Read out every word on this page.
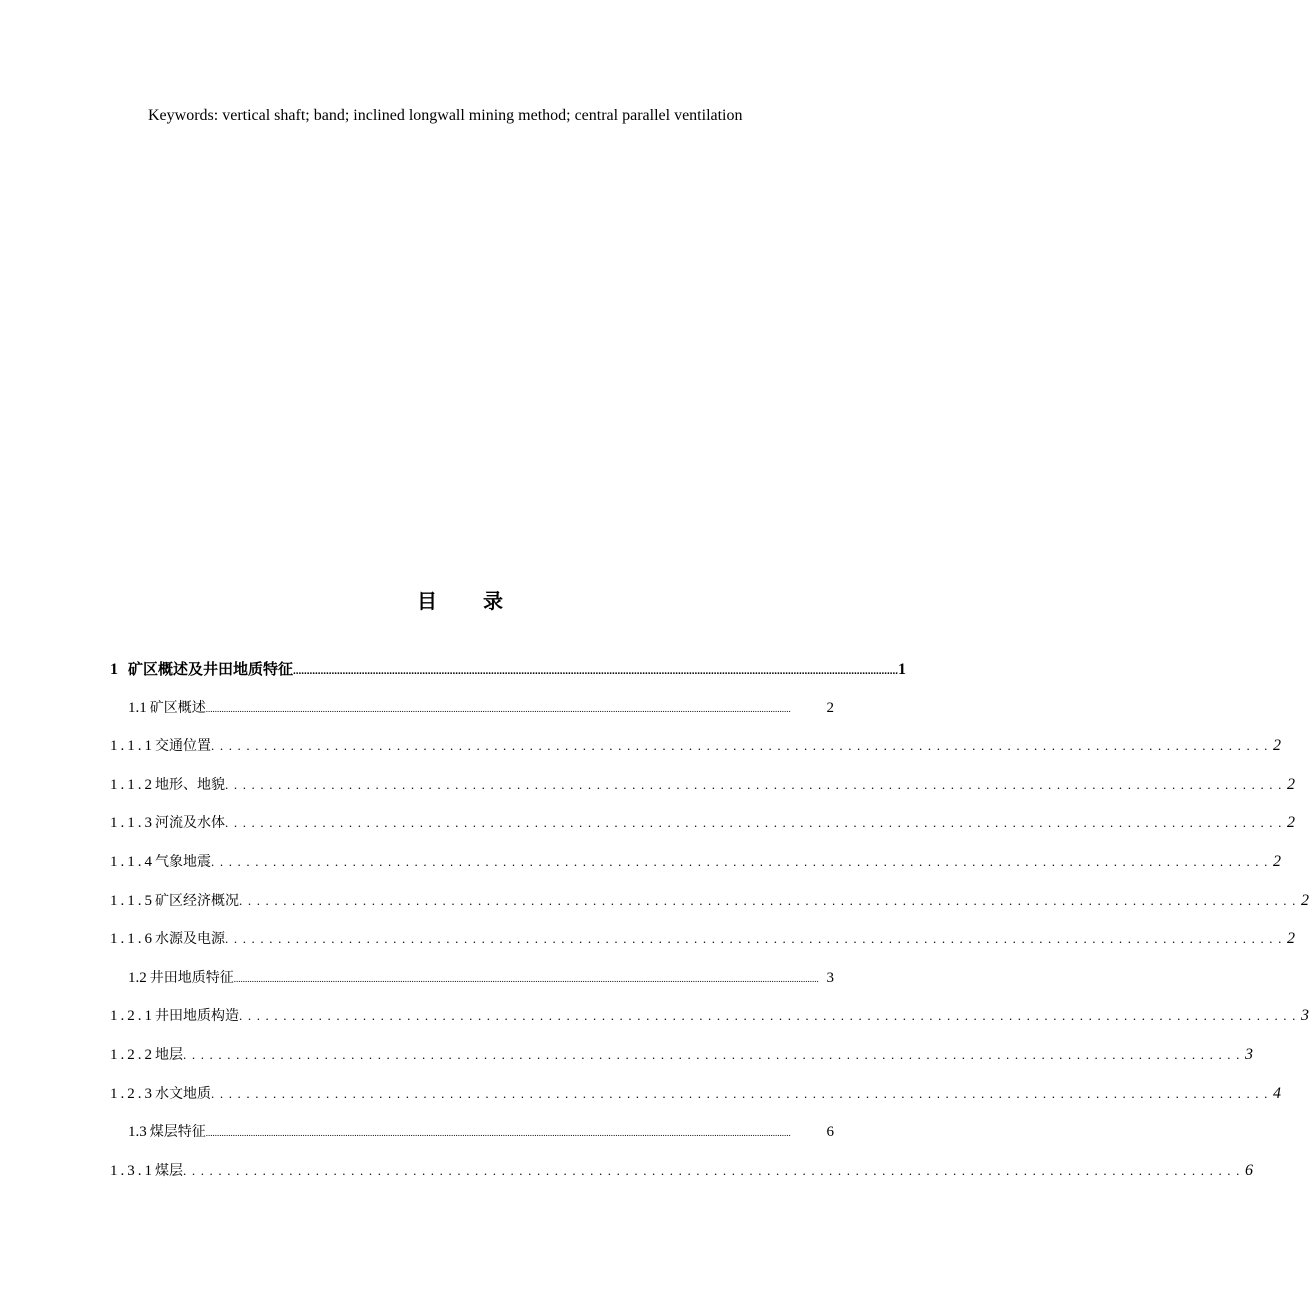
Keywords: vertical shaft; band; inclined longwall mining method; central parallel ventilation

目 录
1 矿区概述及井田地质特征 ............................................................................................................................................................................................................................ 1
1.1 矿区概述 ....................................................................................................................................................................................................................................................................	2
1.1.1交通位置 ........................................................................................................................ 2
1.1.2地形、地貌 ........................................................................................................................ 2
1.1.3河流及水体 ........................................................................................................................ 2
1.1.4气象地震 ........................................................................................................................ 2
1.1.5矿区经济概况 ........................................................................................................................ 2
1.1.6水源及电源 ........................................................................................................................ 2
1.2 井田地质特征 .................................................................................................................................................................................................................................................................... 3
1.2.1井田地质构造 ........................................................................................................................ 3
1.2.2地层 ........................................................................................................................ 3
1.2.3水文地质 ........................................................................................................................ 4
1.3 煤层特征 ....................................................................................................................................................................................................................................................................	6
1.3.1煤层 ........................................................................................................................ 6
